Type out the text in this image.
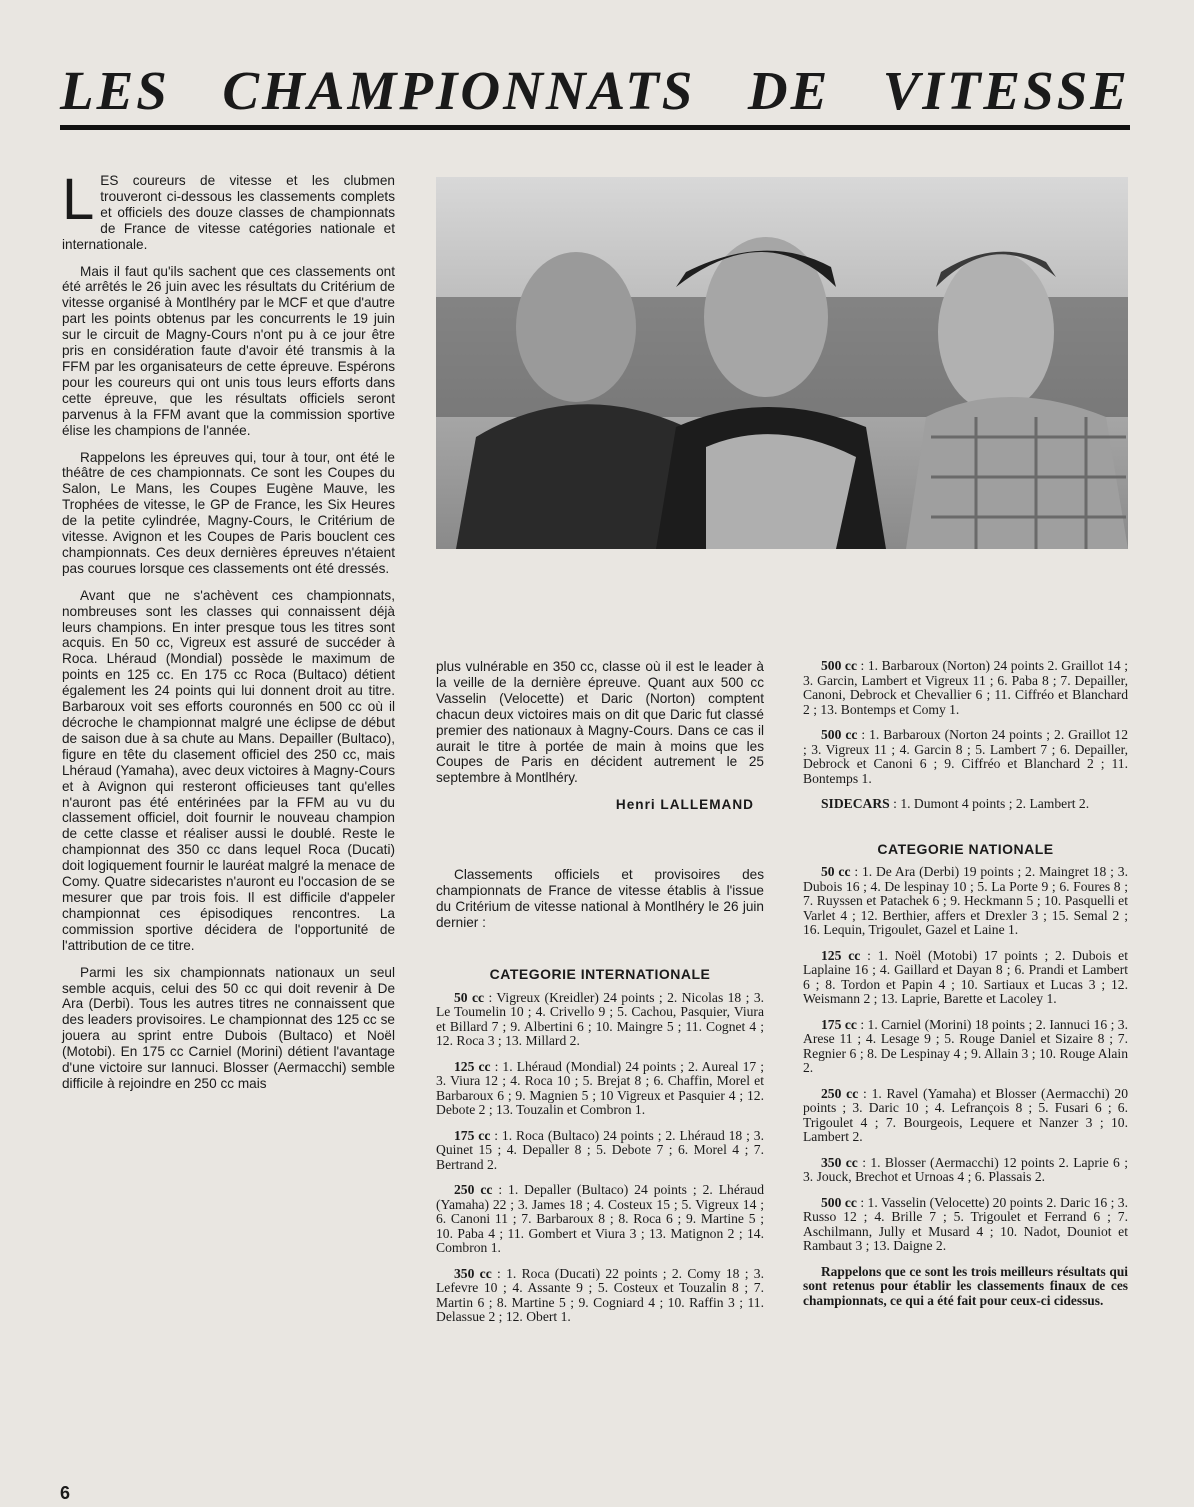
LES CHAMPIONNATS DE VITESSE

LES coureurs de vitesse et les clubmen trouveront ci-dessous les classements complets et officiels des douze classes de championnats de France de vitesse catégories nationale et internationale.

Mais il faut qu'ils sachent que ces classements ont été arrêtés le 26 juin avec les résultats du Critérium de vitesse organisé à Montlhéry par le MCF et que d'autre part les points obtenus par les concurrents le 19 juin sur le circuit de Magny-Cours n'ont pu à ce jour être pris en considération faute d'avoir été transmis à la FFM par les organisateurs de cette épreuve. Espérons pour les coureurs qui ont unis tous leurs efforts dans cette épreuve, que les résultats officiels seront parvenus à la FFM avant que la commission sportive élise les champions de l'année.

Rappelons les épreuves qui, tour à tour, ont été le théâtre de ces championnats. Ce sont les Coupes du Salon, Le Mans, les Coupes Eugène Mauve, les Trophées de vitesse, le GP de France, les Six Heures de la petite cylindrée, Magny-Cours, le Critérium de vitesse. Avignon et les Coupes de Paris bouclent ces championnats. Ces deux dernières épreuves n'étaient pas courues lorsque ces classements ont été dressés.

Avant que ne s'achèvent ces championnats, nombreuses sont les classes qui connaissent déjà leurs champions. En inter presque tous les titres sont acquis. En 50 cc, Vigreux est assuré de succéder à Roca. Lhéraud (Mondial) possède le maximum de points en 125 cc. En 175 cc Roca (Bultaco) détient également les 24 points qui lui donnent droit au titre. Barbaroux voit ses efforts couronnés en 500 cc où il décroche le championnat malgré une éclipse de début de saison due à sa chute au Mans. Depailler (Bultaco), figure en tête du clasement officiel des 250 cc, mais Lhéraud (Yamaha), avec deux victoires à Magny-Cours et à Avignon qui resteront officieuses tant qu'elles n'auront pas été entérinées par la FFM au vu du classement officiel, doit fournir le nouveau champion de cette classe et réaliser aussi le doublé. Reste le championnat des 350 cc dans lequel Roca (Ducati) doit logiquement fournir le lauréat malgré la menace de Comy. Quatre sidecaristes n'auront eu l'occasion de se mesurer que par trois fois. Il est difficile d'appeler championnat ces épisodiques rencontres. La commission sportive décidera de l'opportunité de l'attribution de ce titre.

Parmi les six championnats nationaux un seul semble acquis, celui des 50 cc qui doit revenir à De Ara (Derbi). Tous les autres titres ne connaissent que des leaders provisoires. Le championnat des 125 cc se jouera au sprint entre Dubois (Bultaco) et Noël (Motobi). En 175 cc Carniel (Morini) détient l'avantage d'une victoire sur Iannuci. Blosser (Aermacchi) semble difficile à rejoindre en 250 cc mais

plus vulnérable en 350 cc, classe où il est le leader à la veille de la dernière épreuve. Quant aux 500 cc Vasselin (Velocette) et Daric (Norton) comptent chacun deux victoires mais on dit que Daric fut classé premier des nationaux à Magny-Cours. Dans ce cas il aurait le titre à portée de main à moins que les Coupes de Paris en décident autrement le 25 septembre à Montlhéry.

Henri LALLEMAND

Classements officiels et provisoires des championnats de France de vitesse établis à l'issue du Critérium de vitesse national à Montlhéry le 26 juin dernier :

CATEGORIE INTERNATIONALE

50 cc : Vigreux (Kreidler) 24 points ; 2. Nicolas 18 ; 3. Le Toumelin 10 ; 4. Crivello 9 ; 5. Cachou, Pasquier, Viura et Billard 7 ; 9. Albertini 6 ; 10. Maingre 5 ; 11. Cognet 4 ; 12. Roca 3 ; 13. Millard 2.

125 cc : 1. Lhéraud (Mondial) 24 points ; 2. Aureal 17 ; 3. Viura 12 ; 4. Roca 10 ; 5. Brejat 8 ; 6. Chaffin, Morel et Barbaroux 6 ; 9. Magnien 5 ; 10 Vigreux et Pasquier 4 ; 12. Debote 2 ; 13. Touzalin et Combron 1.

175 cc : 1. Roca (Bultaco) 24 points ; 2. Lhéraud 18 ; 3. Quinet 15 ; 4. Depaller 8 ; 5. Debote 7 ; 6. Morel 4 ; 7. Bertrand 2.

250 cc : 1. Depaller (Bultaco) 24 points ; 2. Lhéraud (Yamaha) 22 ; 3. James 18 ; 4. Costeux 15 ; 5. Vigreux 14 ; 6. Canoni 11 ; 7. Barbaroux 8 ; 8. Roca 6 ; 9. Martine 5 ; 10. Paba 4 ; 11. Gombert et Viura 3 ; 13. Matignon 2 ; 14. Combron 1.

350 cc : 1. Roca (Ducati) 22 points ; 2. Comy 18 ; 3. Lefevre 10 ; 4. Assante 9 ; 5. Costeux et Touzalin 8 ; 7. Martin 6 ; 8. Martine 5 ; 9. Cogniard 4 ; 10. Raffin 3 ; 11. Delassue 2 ; 12. Obert 1.

500 cc : 1. Barbaroux (Norton) 24 points 2. Graillot 14 ; 3. Garcin, Lambert et Vigreux 11 ; 6. Paba 8 ; 7. Depailler, Canoni, Debrock et Chevallier 6 ; 11. Ciffréo et Blanchard 2 ; 13. Bontemps et Comy 1.

500 cc : 1. Barbaroux (Norton 24 points ; 2. Graillot 12 ; 3. Vigreux 11 ; 4. Garcin 8 ; 5. Lambert 7 ; 6. Depailler, Debrock et Canoni 6 ; 9. Ciffréo et Blanchard 2 ; 11. Bontemps 1.

SIDECARS : 1. Dumont 4 points ; 2. Lambert 2.

CATEGORIE NATIONALE

50 cc : 1. De Ara (Derbi) 19 points ; 2. Maingret 18 ; 3. Dubois 16 ; 4. De lespinay 10 ; 5. La Porte 9 ; 6. Foures 8 ; 7. Ruyssen et Patachek 6 ; 9. Heckmann 5 ; 10. Pasquelli et Varlet 4 ; 12. Berthier, affers et Drexler 3 ; 15. Semal 2 ; 16. Lequin, Trigoulet, Gazel et Laine 1.

125 cc : 1. Noël (Motobi) 17 points ; 2. Dubois et Laplaine 16 ; 4. Gaillard et Dayan 8 ; 6. Prandi et Lambert 6 ; 8. Tordon et Papin 4 ; 10. Sartiaux et Lucas 3 ; 12. Weismann 2 ; 13. Laprie, Barette et Lacoley 1.

175 cc : 1. Carniel (Morini) 18 points ; 2. Iannuci 16 ; 3. Arese 11 ; 4. Lesage 9 ; 5. Rouge Daniel et Sizaire 8 ; 7. Regnier 6 ; 8. De Lespinay 4 ; 9. Allain 3 ; 10. Rouge Alain 2.

250 cc : 1. Ravel (Yamaha) et Blosser (Aermacchi) 20 points ; 3. Daric 10 ; 4. Lefrançois 8 ; 5. Fusari 6 ; 6. Trigoulet 4 ; 7. Bourgeois, Lequere et Nanzer 3 ; 10. Lambert 2.

350 cc : 1. Blosser (Aermacchi) 12 points 2. Laprie 6 ; 3. Jouck, Brechot et Urnoas 4 ; 6. Plassais 2.

500 cc : 1. Vasselin (Velocette) 20 points 2. Daric 16 ; 3. Russo 12 ; 4. Brille 7 ; 5. Trigoulet et Ferrand 6 ; 7. Aschilmann, Jully et Musard 4 ; 10. Nadot, Douniot et Rambaut 3 ; 13. Daigne 2.

Rappelons que ce sont les trois meilleurs résultats qui sont retenus pour établir les classements finaux de ces championnats, ce qui a été fait pour ceux-ci cidessus.

6
